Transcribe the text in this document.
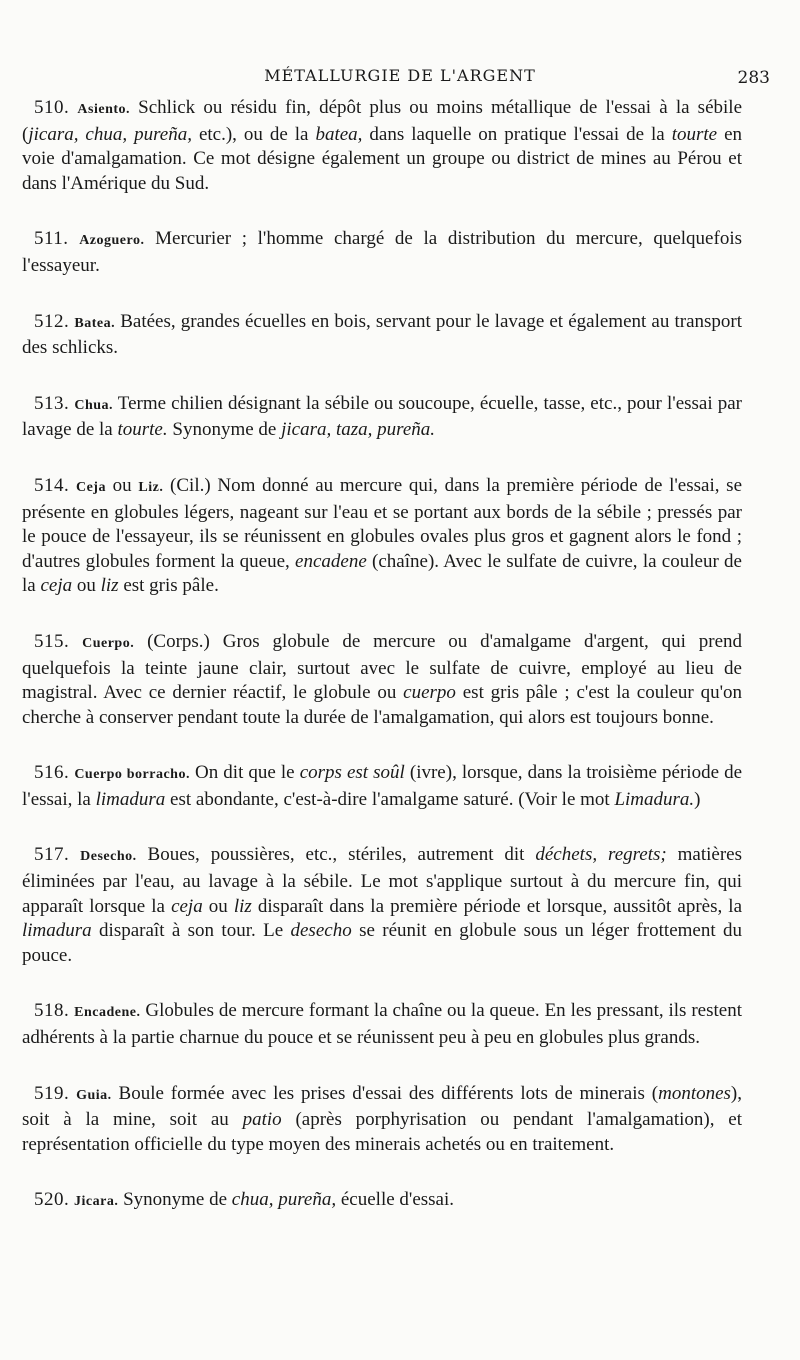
MÉTALLURGIE DE L'ARGENT	283

510. Asiento. Schlick ou résidu fin, dépôt plus ou moins métallique de l'essai à la sébile (jicara, chua, pureña, etc.), ou de la batea, dans laquelle on pratique l'essai de la tourte en voie d'amalgamation. Ce mot désigne également un groupe ou district de mines au Pérou et dans l'Amérique du Sud.

511. Azoguero. Mercurier ; l'homme chargé de la distribution du mercure, quelquefois l'essayeur.

512. Batea. Batées, grandes écuelles en bois, servant pour le lavage et également au transport des schlicks.

513. Chua. Terme chilien désignant la sébile ou soucoupe, écuelle, tasse, etc., pour l'essai par lavage de la tourte. Synonyme de jicara, taza, pureña.

514. Ceja ou Liz. (Cil.) Nom donné au mercure qui, dans la première période de l'essai, se présente en globules légers, nageant sur l'eau et se portant aux bords de la sébile ; pressés par le pouce de l'essayeur, ils se réunissent en globules ovales plus gros et gagnent alors le fond ; d'autres globules forment la queue, encadene (chaîne). Avec le sulfate de cuivre, la couleur de la ceja ou liz est gris pâle.

515. Cuerpo. (Corps.) Gros globule de mercure ou d'amalgame d'argent, qui prend quelquefois la teinte jaune clair, surtout avec le sulfate de cuivre, employé au lieu de magistral. Avec ce dernier réactif, le globule ou cuerpo est gris pâle ; c'est la couleur qu'on cherche à conserver pendant toute la durée de l'amalgamation, qui alors est toujours bonne.

516. Cuerpo borracho. On dit que le corps est soûl (ivre), lorsque, dans la troisième période de l'essai, la limadura est abondante, c'est-à-dire l'amalgame saturé. (Voir le mot Limadura.)

517. Desecho. Boues, poussières, etc., stériles, autrement dit déchets, regrets; matières éliminées par l'eau, au lavage à la sébile. Le mot s'applique surtout à du mercure fin, qui apparaît lorsque la ceja ou liz disparaît dans la première période et lorsque, aussitôt après, la limadura disparaît à son tour. Le desecho se réunit en globule sous un léger frottement du pouce.

518. Encadene. Globules de mercure formant la chaîne ou la queue. En les pressant, ils restent adhérents à la partie charnue du pouce et se réunissent peu à peu en globules plus grands.

519. Guia. Boule formée avec les prises d'essai des différents lots de minerais (montones), soit à la mine, soit au patio (après porphyrisation ou pendant l'amalgamation), et représentation officielle du type moyen des minerais achetés ou en traitement.

520. Jicara. Synonyme de chua, pureña, écuelle d'essai.
